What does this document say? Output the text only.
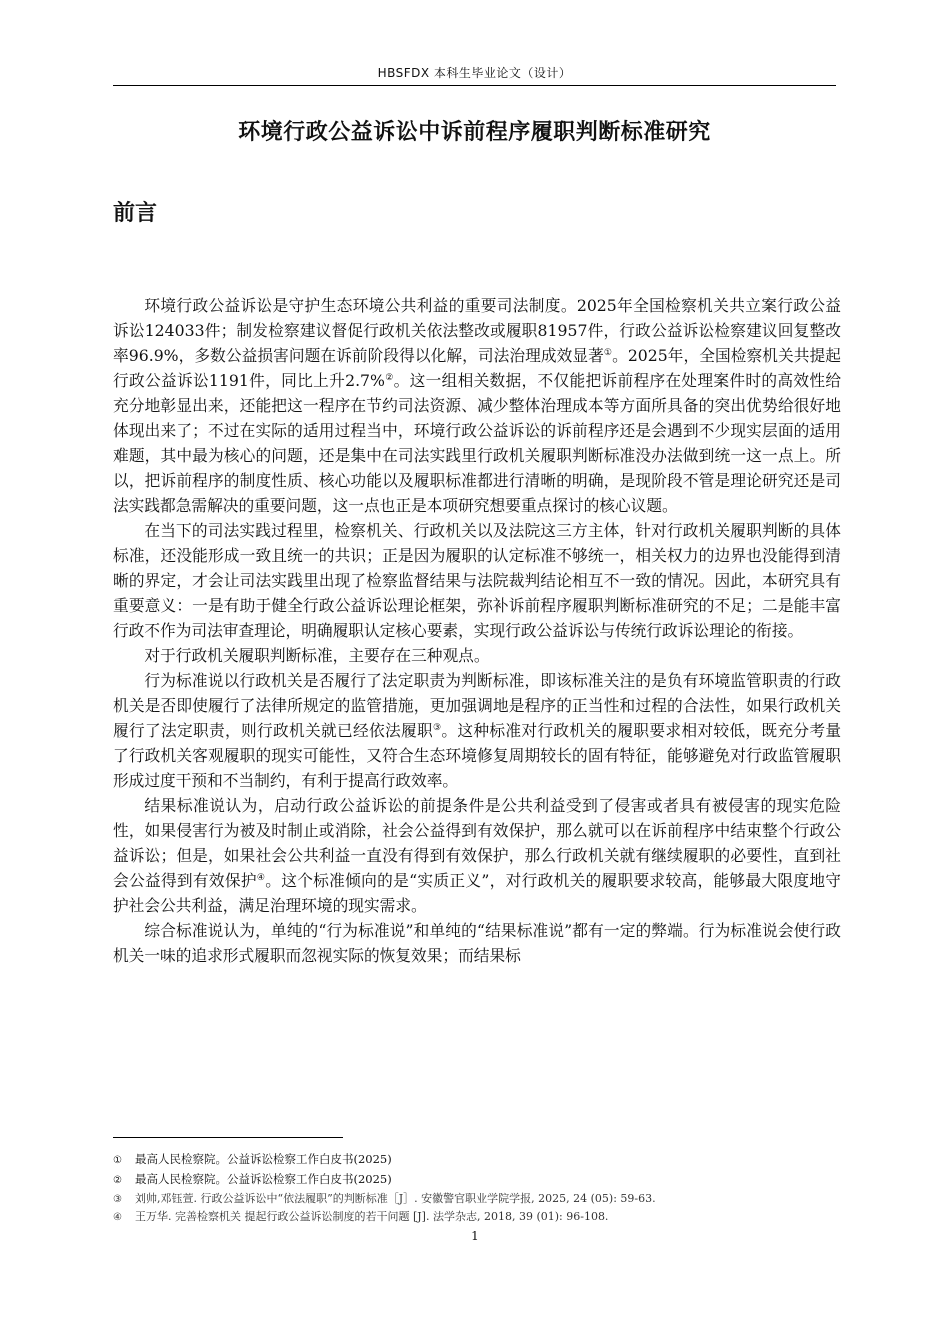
HBSFDX 本科生毕业论文（设计）
环境行政公益诉讼中诉前程序履职判断标准研究
前言

环境行政公益诉讼是守护生态环境公共利益的重要司法制度。2025年全国检察机关共立案行政公益诉讼124033件；制发检察建议督促行政机关依法整改或履职81957件，行政公益诉讼检察建议回复整改率96.9%，多数公益损害问题在诉前阶段得以化解，司法治理成效显著①。2025年，全国检察机关共提起行政公益诉讼1191件，同比上升2.7%②。这一组相关数据，不仅能把诉前程序在处理案件时的高效性给充分地彰显出来，还能把这一程序在节约司法资源、减少整体治理成本等方面所具备的突出优势给很好地体现出来了；不过在实际的适用过程当中，环境行政公益诉讼的诉前程序还是会遇到不少现实层面的适用难题，其中最为核心的问题，还是集中在司法实践里行政机关履职判断标准没办法做到统一这一点上。所以，把诉前程序的制度性质、核心功能以及履职标准都进行清晰的明确，是现阶段不管是理论研究还是司法实践都急需解决的重要问题，这一点也正是本项研究想要重点探讨的核心议题。

在当下的司法实践过程里，检察机关、行政机关以及法院这三方主体，针对行政机关履职判断的具体标准，还没能形成一致且统一的共识；正是因为履职的认定标准不够统一，相关权力的边界也没能得到清晰的界定，才会让司法实践里出现了检察监督结果与法院裁判结论相互不一致的情况。因此，本研究具有重要意义：一是有助于健全行政公益诉讼理论框架，弥补诉前程序履职判断标准研究的不足；二是能丰富行政不作为司法审查理论，明确履职认定核心要素，实现行政公益诉讼与传统行政诉讼理论的衔接。

对于行政机关履职判断标准，主要存在三种观点。

行为标准说以行政机关是否履行了法定职责为判断标准，即该标准关注的是负有环境监管职责的行政机关是否即使履行了法律所规定的监管措施，更加强调地是程序的正当性和过程的合法性，如果行政机关履行了法定职责，则行政机关就已经依法履职③。这种标准对行政机关的履职要求相对较低，既充分考量了行政机关客观履职的现实可能性，又符合生态环境修复周期较长的固有特征，能够避免对行政监管履职形成过度干预和不当制约，有利于提高行政效率。

结果标准说认为，启动行政公益诉讼的前提条件是公共利益受到了侵害或者具有被侵害的现实危险性，如果侵害行为被及时制止或消除，社会公益得到有效保护，那么就可以在诉前程序中结束整个行政公益诉讼；但是，如果社会公共利益一直没有得到有效保护，那么行政机关就有继续履职的必要性，直到社会公益得到有效保护④。这个标准倾向的是“实质正义”，对行政机关的履职要求较高，能够最大限度地守护社会公共利益，满足治理环境的现实需求。

综合标准说认为，单纯的“行为标准说”和单纯的“结果标准说”都有一定的弊端。行为标准说会使行政机关一味的追求形式履职而忽视实际的恢复效果；而结果标

① 最高人民检察院。公益诉讼检察工作白皮书(2025)

② 最高人民检察院。公益诉讼检察工作白皮书(2025)

③ 刘帅,邓钰萱. 行政公益诉讼中“依法履职”的判断标准［J］. 安徽警官职业学院学报, 2025, 24 (05): 59-63.

④ 王万华. 完善检察机关 提起行政公益诉讼制度的若干问题 [J]. 法学杂志, 2018, 39 (01): 96-108.

1
